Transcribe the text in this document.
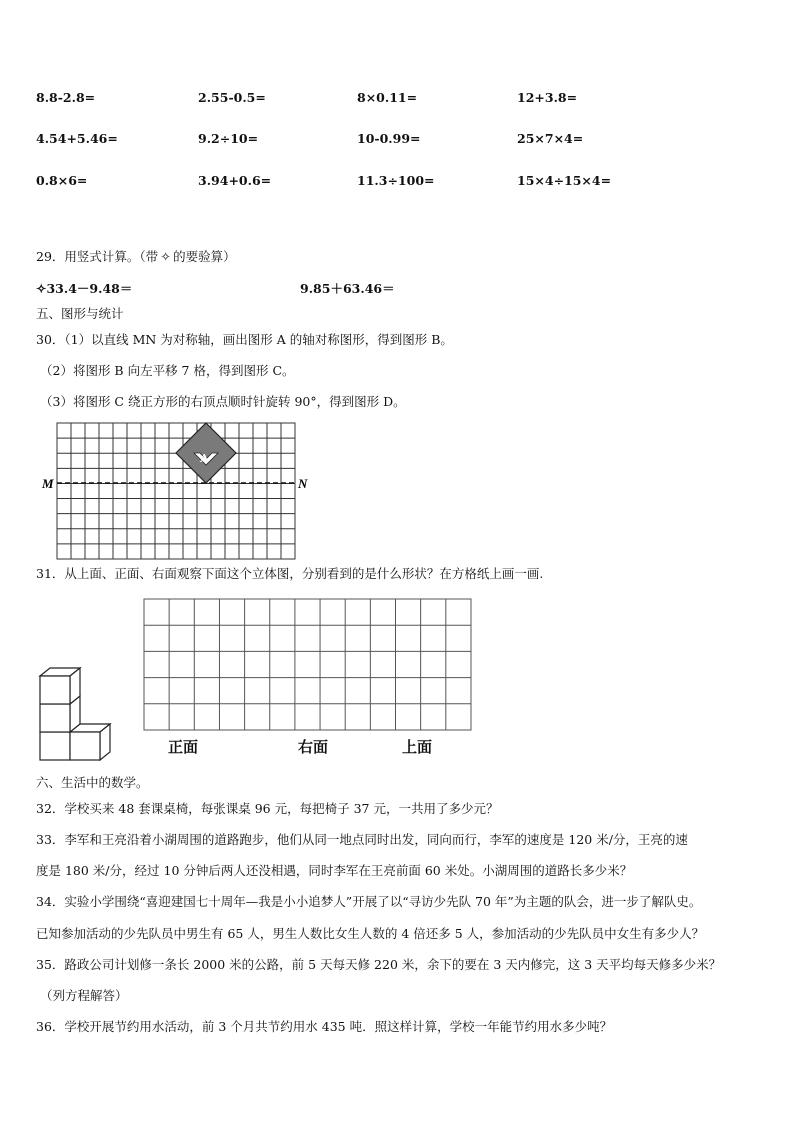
8.8-2.8=	2.55-0.5=	8×0.11=	12+3.8=
4.54+5.46=	9.2÷10=	10-0.99=	25×7×4=
0.8×6=	3.94+0.6=	11.3÷100=	15×4÷15×4=
29．用竖式计算。（带 ✧ 的要验算）
✧33.4－9.48＝	9.85＋63.46＝
五、图形与统计
30．（1）以直线 MN 为对称轴，画出图形 A 的轴对称图形，得到图形 B。
（2）将图形 B 向左平移 7 格，得到图形 C。
（3）将图形 C 绕正方形的右顶点顺时针旋转 90°，得到图形 D。
A
M	N
31．从上面、正面、右面观察下面这个立体图，分别看到的是什么形状？在方格纸上画一画.
正面	右面	上面
六、生活中的数学。
32．学校买来 48 套课桌椅，每张课桌 96 元，每把椅子 37 元，一共用了多少元？
33．李军和王亮沿着小湖周围的道路跑步，他们从同一地点同时出发，同向而行，李军的速度是 120 米/分，王亮的速
度是 180 米/分，经过 10 分钟后两人还没相遇，同时李军在王亮前面 60 米处。小湖周围的道路长多少米？
34．实验小学围绕“喜迎建国七十周年—我是小小追梦人”开展了以“寻访少先队 70 年”为主题的队会，进一步了解队史。
已知参加活动的少先队员中男生有 65 人，男生人数比女生人数的 4 倍还多 5 人，参加活动的少先队员中女生有多少人？
35．路政公司计划修一条长 2000 米的公路，前 5 天每天修 220 米，余下的要在 3 天内修完，这 3 天平均每天修多少米？
（列方程解答）
36．学校开展节约用水活动，前 3 个月共节约用水 435 吨．照这样计算，学校一年能节约用水多少吨？
